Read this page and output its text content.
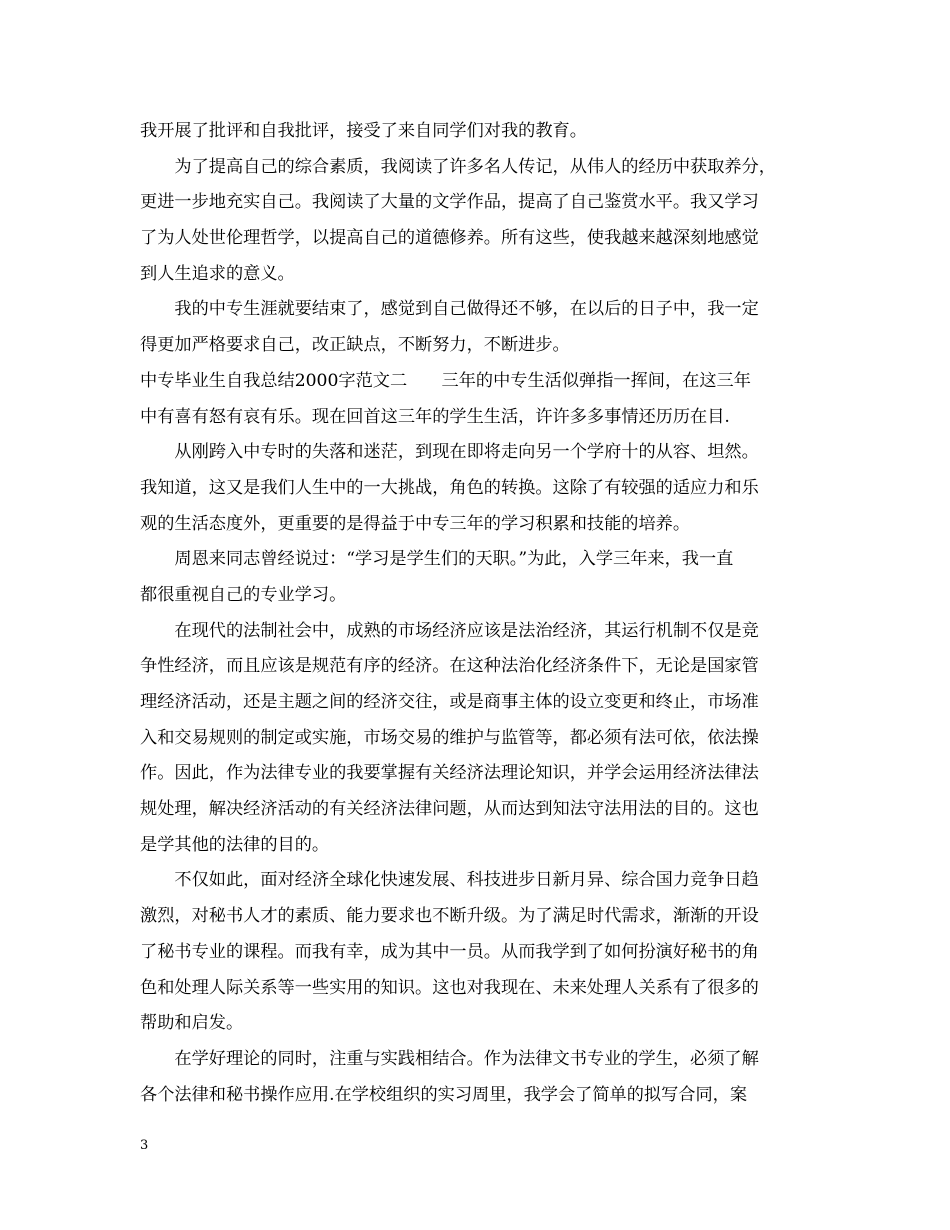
我开展了批评和自我批评，接受了来自同学们对我的教育。
　　为了提高自己的综合素质，我阅读了许多名人传记，从伟人的经历中获取养分，
更进一步地充实自己。我阅读了大量的文学作品，提高了自己鉴赏水平。我又学习
了为人处世伦理哲学，以提高自己的道德修养。所有这些，使我越来越深刻地感觉
到人生追求的意义。
　　我的中专生涯就要结束了，感觉到自己做得还不够，在以后的日子中，我一定
得更加严格要求自己，改正缺点，不断努力，不断进步。
中专毕业生自我总结2000字范文二　　三年的中专生活似弹指一挥间，在这三年
中有喜有怒有哀有乐。现在回首这三年的学生生活，许许多多事情还历历在目.
　　从刚跨入中专时的失落和迷茫，到现在即将走向另一个学府十的从容、坦然。
我知道，这又是我们人生中的一大挑战，角色的转换。这除了有较强的适应力和乐
观的生活态度外，更重要的是得益于中专三年的学习积累和技能的培养。
　　周恩来同志曾经说过：“学习是学生们的天职。”为此，入学三年来，我一直
都很重视自己的专业学习。
　　在现代的法制社会中，成熟的市场经济应该是法治经济，其运行机制不仅是竞
争性经济，而且应该是规范有序的经济。在这种法治化经济条件下，无论是国家管
理经济活动，还是主题之间的经济交往，或是商事主体的设立变更和终止，市场准
入和交易规则的制定或实施，市场交易的维护与监管等，都必须有法可依，依法操
作。因此，作为法律专业的我要掌握有关经济法理论知识，并学会运用经济法律法
规处理，解决经济活动的有关经济法律问题，从而达到知法守法用法的目的。这也
是学其他的法律的目的。
　　不仅如此，面对经济全球化快速发展、科技进步日新月异、综合国力竞争日趋
激烈，对秘书人才的素质、能力要求也不断升级。为了满足时代需求，渐渐的开设
了秘书专业的课程。而我有幸，成为其中一员。从而我学到了如何扮演好秘书的角
色和处理人际关系等一些实用的知识。这也对我现在、未来处理人关系有了很多的
帮助和启发。
　　在学好理论的同时，注重与实践相结合。作为法律文书专业的学生，必须了解
各个法律和秘书操作应用.在学校组织的实习周里，我学会了简单的拟写合同，案
3
